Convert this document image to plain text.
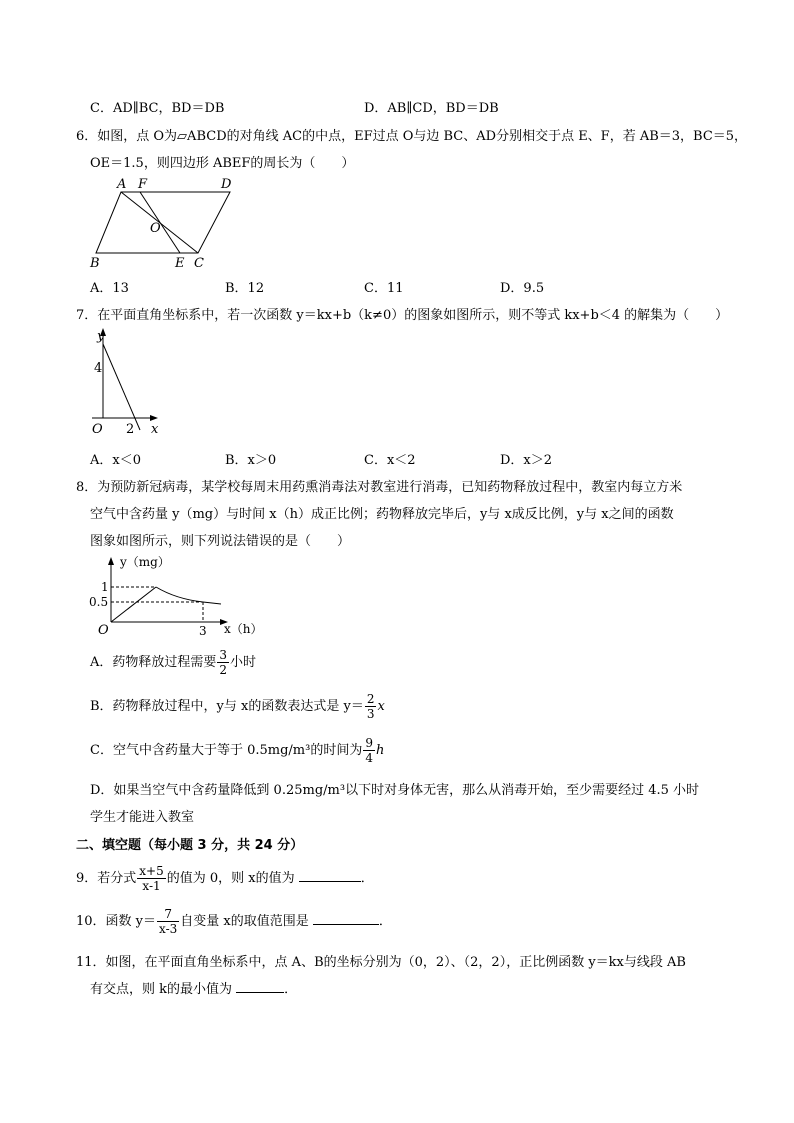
C．AD∥BC，BD＝DB	D．AB∥CD，BD＝DB
6．如图，点 O为▱ABCD的对角线 AC的中点，EF过点 O与边 BC、AD分别相交于点 E、F，若 AB＝3，BC＝5，
OE＝1.5，则四边形 ABEF的周长为（　　）
A F	D
O
B	E C
A．13	B．12	C．11	D．9.5
7．在平面直角坐标系中，若一次函数 y＝kx+b（k≠0）的图象如图所示，则不等式 kx+b＜4 的解集为（　　）
y
4
O 2 x
A．x＜0	B．x＞0	C．x＜2	D．x＞2
8．为预防新冠病毒，某学校每周末用药熏消毒法对教室进行消毒，已知药物释放过程中，教室内每立方米
空气中含药量 y（mg）与时间 x（h）成正比例；药物释放完毕后，y与 x成反比例，y与 x之间的函数
图象如图所示，则下列说法错误的是（　　）
y（mg）
1
0.5
O	3 x（h）
A．药物释放过程需要 $\frac{3}{2}$ 小时
B．药物释放过程中，y与 x的函数表达式是 $y= \frac{2}{3}$ x
C．空气中含药量大于等于 0.5mg/m³的时间为 $\frac{9}{4}$ h
D．如果当空气中含药量降低到 0.25mg/m³以下时对身体无害，那么从消毒开始，至少需要经过 4.5 小时
学生才能进入教室
二、填空题（每小题 3 分，共 24 分）
9．若分式 $\frac{x+5}{x-1}$ 的值为 0，则 x的值为	．
10．函数 $y= \frac{7}{x-3}$ 自变量 x的取值范围是	．
11．如图，在平面直角坐标系中，点 A、B的坐标分别为（0，2）、（2，2），正比例函数 y＝kx与线段 AB
有交点，则 k的最小值为	．
